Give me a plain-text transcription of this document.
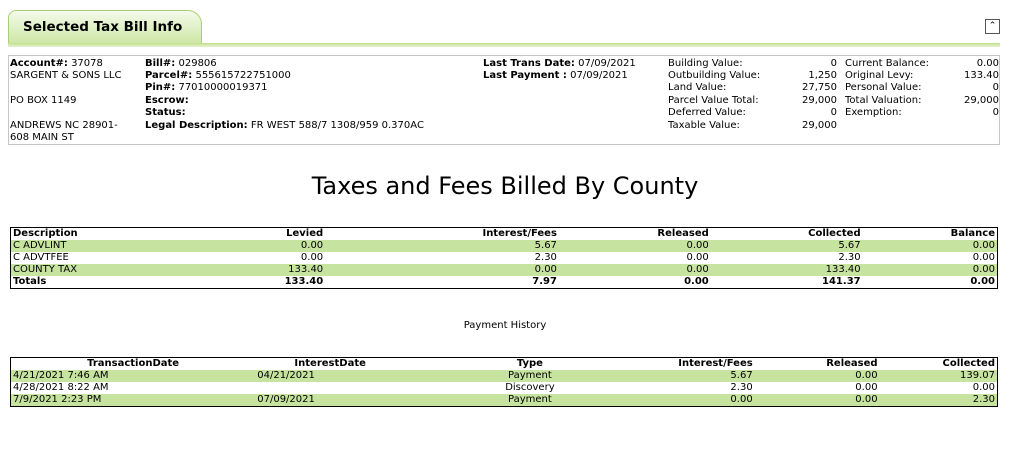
Selected Tax Bill Info	⌃
Account#: 37078
SARGENT & SONS LLC
PO BOX 1149
ANDREWS NC 28901-
608 MAIN ST
Bill#: 029806
Parcel#: 555615722751000
Pin#: 77010000019371
Escrow:
Status:
Legal Description: FR WEST 588/7 1308/959 0.370AC
Last Trans Date: 07/09/2021
Last Payment : 07/09/2021
Building Value:	0
Outbuilding Value:	1,250
Land Value:	27,750
Parcel Value Total:	29,000
Deferred Value:	0
Taxable Value:	29,000
Current Balance:	0.00
Original Levy:	133.40
Personal Value:	0
Total Valuation:	29,000
Exemption:	0
Taxes and Fees Billed By County
Description	Levied	Interest/Fees	Released	Collected	Balance
C ADVLINT	0.00	5.67	0.00	5.67	0.00
C ADVTFEE	0.00	2.30	0.00	2.30	0.00
COUNTY TAX	133.40	0.00	0.00	133.40	0.00
Totals	133.40	7.97	0.00	141.37	0.00
Payment History
TransactionDate	InterestDate	Type	Interest/Fees	Released	Collected
4/21/2021 7:46 AM	04/21/2021	Payment	5.67	0.00	139.07
4/28/2021 8:22 AM		Discovery	2.30	0.00	0.00
7/9/2021 2:23 PM	07/09/2021	Payment	0.00	0.00	2.30
